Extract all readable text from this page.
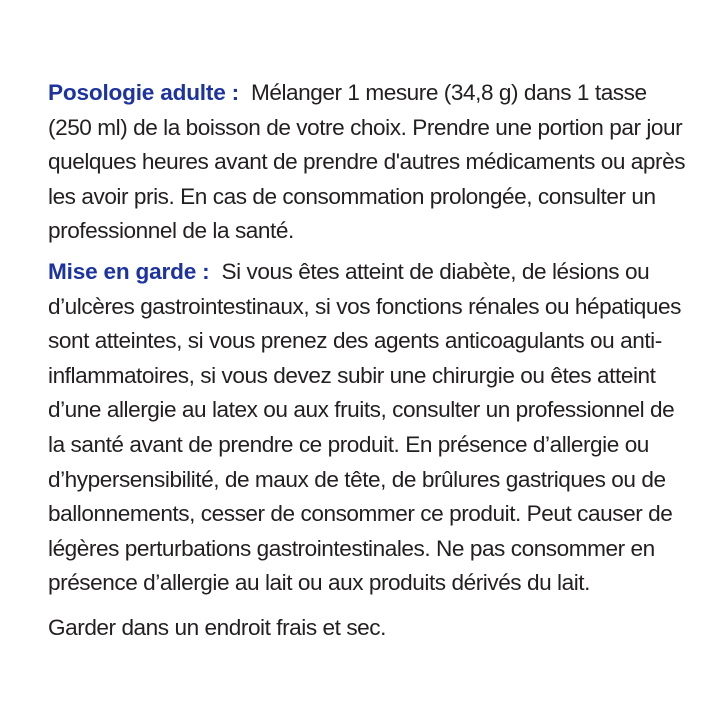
Posologie adulte : Mélanger 1 mesure (34,8 g) dans 1 tasse (250 ml) de la boisson de votre choix. Prendre une portion par jour quelques heures avant de prendre d'autres médicaments ou après les avoir pris. En cas de consommation prolongée, consulter un professionnel de la santé.

Mise en garde : Si vous êtes atteint de diabète, de lésions ou d’ulcères gastrointestinaux, si vos fonctions rénales ou hépatiques sont atteintes, si vous prenez des agents anticoagulants ou anti-inflammatoires, si vous devez subir une chirurgie ou êtes atteint d’une allergie au latex ou aux fruits, consulter un professionnel de la santé avant de prendre ce produit. En présence d’allergie ou d’hypersensibilité, de maux de tête, de brûlures gastriques ou de ballonnements, cesser de consommer ce produit. Peut causer de légères perturbations gastrointestinales. Ne pas consommer en présence d’allergie au lait ou aux produits dérivés du lait.

Garder dans un endroit frais et sec.
